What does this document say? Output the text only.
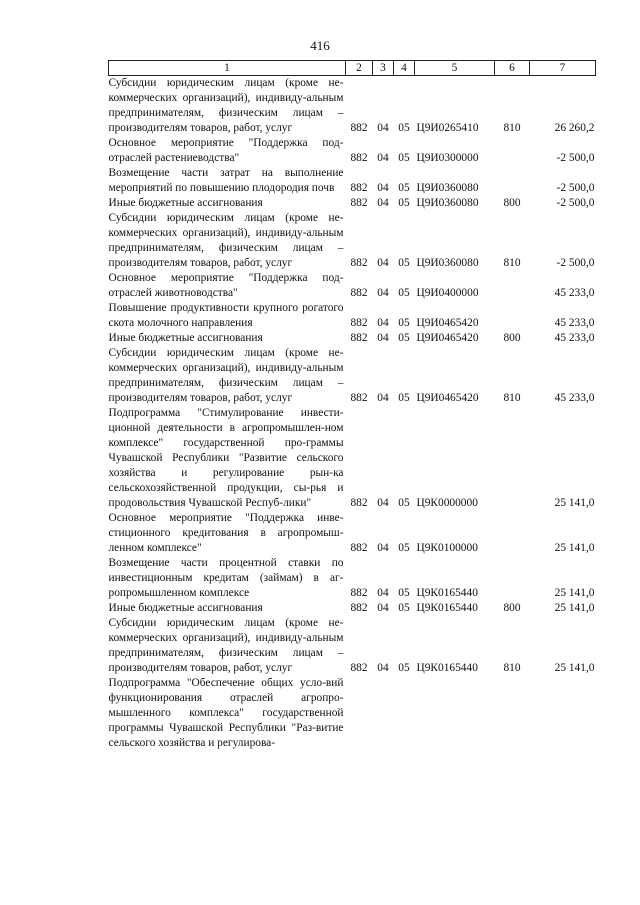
416
1	2	3	4	5	6	7
Субсидии юридическим лицам (кроме не-коммерческих организаций), индивиду-альным предпринимателям, физическим лицам – производителям товаров, работ, услуг	882	04	05	Ц9И0265410	810	26 260,2
Основное мероприятие "Поддержка под-отраслей растениеводства"	882	04	05	Ц9И0300000		-2 500,0
Возмещение части затрат на выполнение мероприятий по повышению плодородия почв	882	04	05	Ц9И0360080		-2 500,0
Иные бюджетные ассигнования	882	04	05	Ц9И0360080	800	-2 500,0
Субсидии юридическим лицам (кроме не-коммерческих организаций), индивиду-альным предпринимателям, физическим лицам – производителям товаров, работ, услуг	882	04	05	Ц9И0360080	810	-2 500,0
Основное мероприятие "Поддержка под-отраслей животноводства"	882	04	05	Ц9И0400000		45 233,0
Повышение продуктивности крупного рогатого скота молочного направления	882	04	05	Ц9И0465420		45 233,0
Иные бюджетные ассигнования	882	04	05	Ц9И0465420	800	45 233,0
Субсидии юридическим лицам (кроме не-коммерческих организаций), индивиду-альным предпринимателям, физическим лицам – производителям товаров, работ, услуг	882	04	05	Ц9И0465420	810	45 233,0
Подпрограмма "Стимулирование инвести-ционной деятельности в агропромышлен-ном комплексе" государственной про-граммы Чувашской Республики "Развитие сельского хозяйства и регулирование рын-ка сельскохозяйственной продукции, сы-рья и продовольствия Чувашской Респуб-лики"	882	04	05	Ц9К0000000		25 141,0
Основное мероприятие "Поддержка инве-стиционного кредитования в агропромыш-ленном комплексе"	882	04	05	Ц9К0100000		25 141,0
Возмещение части процентной ставки по инвестиционным кредитам (займам) в аг-ропромышленном комплексе	882	04	05	Ц9К0165440		25 141,0
Иные бюджетные ассигнования	882	04	05	Ц9К0165440	800	25 141,0
Субсидии юридическим лицам (кроме не-коммерческих организаций), индивиду-альным предпринимателям, физическим лицам – производителям товаров, работ, услуг	882	04	05	Ц9К0165440	810	25 141,0
Подпрограмма "Обеспечение общих усло-вий функционирования отраслей агропро-мышленного комплекса" государственной программы Чувашской Республики "Раз-витие сельского хозяйства и регулирова-						
